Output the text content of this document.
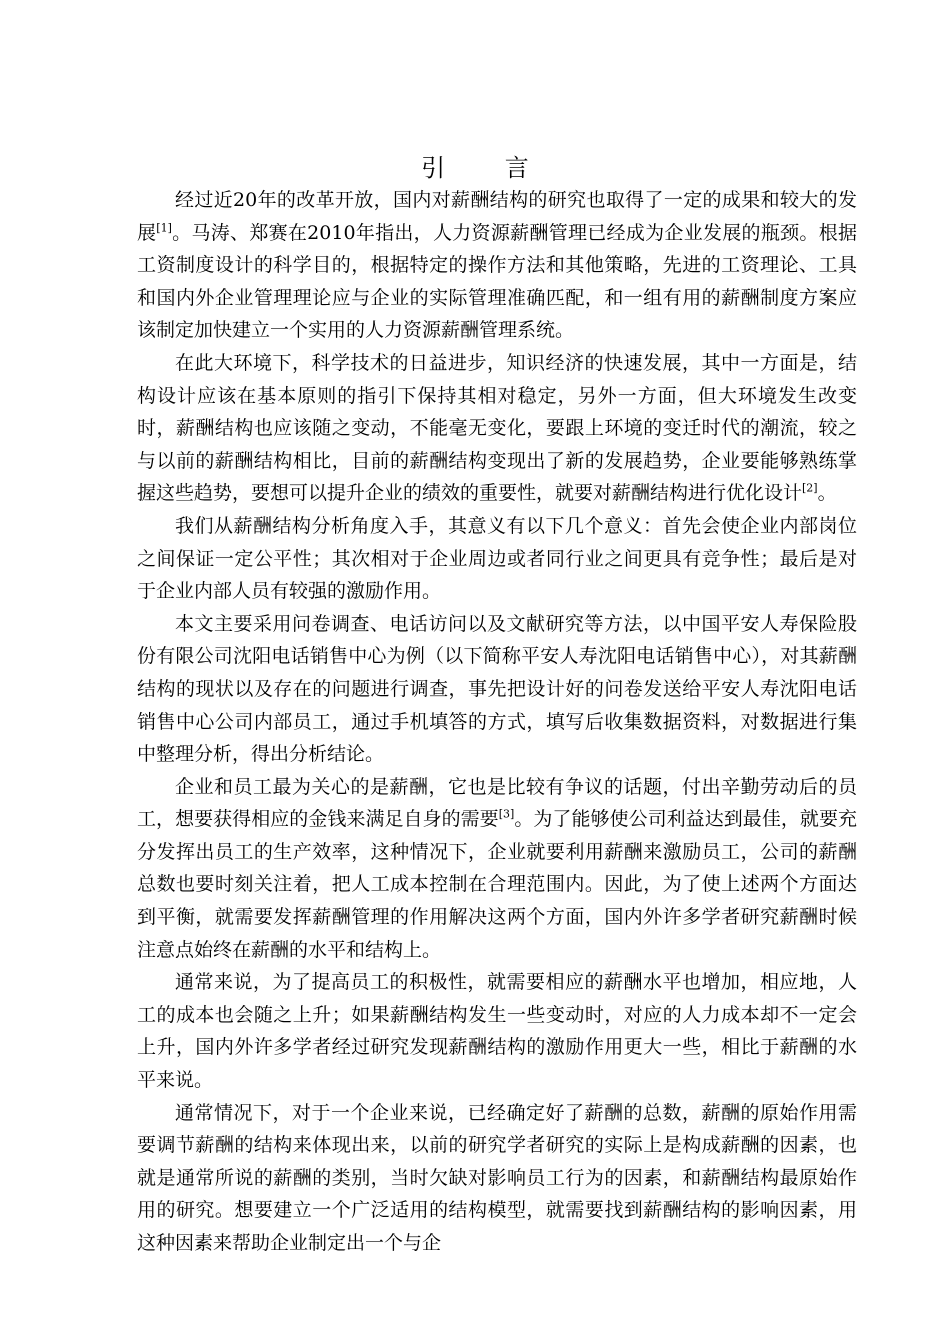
引 言

经过近20年的改革开放，国内对薪酬结构的研究也取得了一定的成果和较大的发展[1]。马涛、郑赛在2010年指出，人力资源薪酬管理已经成为企业发展的瓶颈。根据工资制度设计的科学目的，根据特定的操作方法和其他策略，先进的工资理论、工具和国内外企业管理理论应与企业的实际管理准确匹配，和一组有用的薪酬制度方案应该制定加快建立一个实用的人力资源薪酬管理系统。

在此大环境下，科学技术的日益进步，知识经济的快速发展，其中一方面是，结构设计应该在基本原则的指引下保持其相对稳定，另外一方面，但大环境发生改变时，薪酬结构也应该随之变动，不能毫无变化，要跟上环境的变迁时代的潮流，较之与以前的薪酬结构相比，目前的薪酬结构变现出了新的发展趋势，企业要能够熟练掌握这些趋势，要想可以提升企业的绩效的重要性，就要对薪酬结构进行优化设计[2]。

我们从薪酬结构分析角度入手，其意义有以下几个意义：首先会使企业内部岗位之间保证一定公平性；其次相对于企业周边或者同行业之间更具有竞争性；最后是对于企业内部人员有较强的激励作用。

本文主要采用问卷调查、电话访问以及文献研究等方法，以中国平安人寿保险股份有限公司沈阳电话销售中心为例（以下简称平安人寿沈阳电话销售中心），对其薪酬结构的现状以及存在的问题进行调查，事先把设计好的问卷发送给平安人寿沈阳电话销售中心公司内部员工，通过手机填答的方式，填写后收集数据资料，对数据进行集中整理分析，得出分析结论。

企业和员工最为关心的是薪酬，它也是比较有争议的话题，付出辛勤劳动后的员工，想要获得相应的金钱来满足自身的需要[3]。为了能够使公司利益达到最佳，就要充分发挥出员工的生产效率，这种情况下，企业就要利用薪酬来激励员工，公司的薪酬总数也要时刻关注着，把人工成本控制在合理范围内。因此，为了使上述两个方面达到平衡，就需要发挥薪酬管理的作用解决这两个方面，国内外许多学者研究薪酬时候注意点始终在薪酬的水平和结构上。

通常来说，为了提高员工的积极性，就需要相应的薪酬水平也增加，相应地，人工的成本也会随之上升；如果薪酬结构发生一些变动时，对应的人力成本却不一定会上升，国内外许多学者经过研究发现薪酬结构的激励作用更大一些，相比于薪酬的水平来说。

通常情况下，对于一个企业来说，已经确定好了薪酬的总数，薪酬的原始作用需要调节薪酬的结构来体现出来，以前的研究学者研究的实际上是构成薪酬的因素，也就是通常所说的薪酬的类别，当时欠缺对影响员工行为的因素，和薪酬结构最原始作用的研究。想要建立一个广泛适用的结构模型，就需要找到薪酬结构的影响因素，用这种因素来帮助企业制定出一个与企
